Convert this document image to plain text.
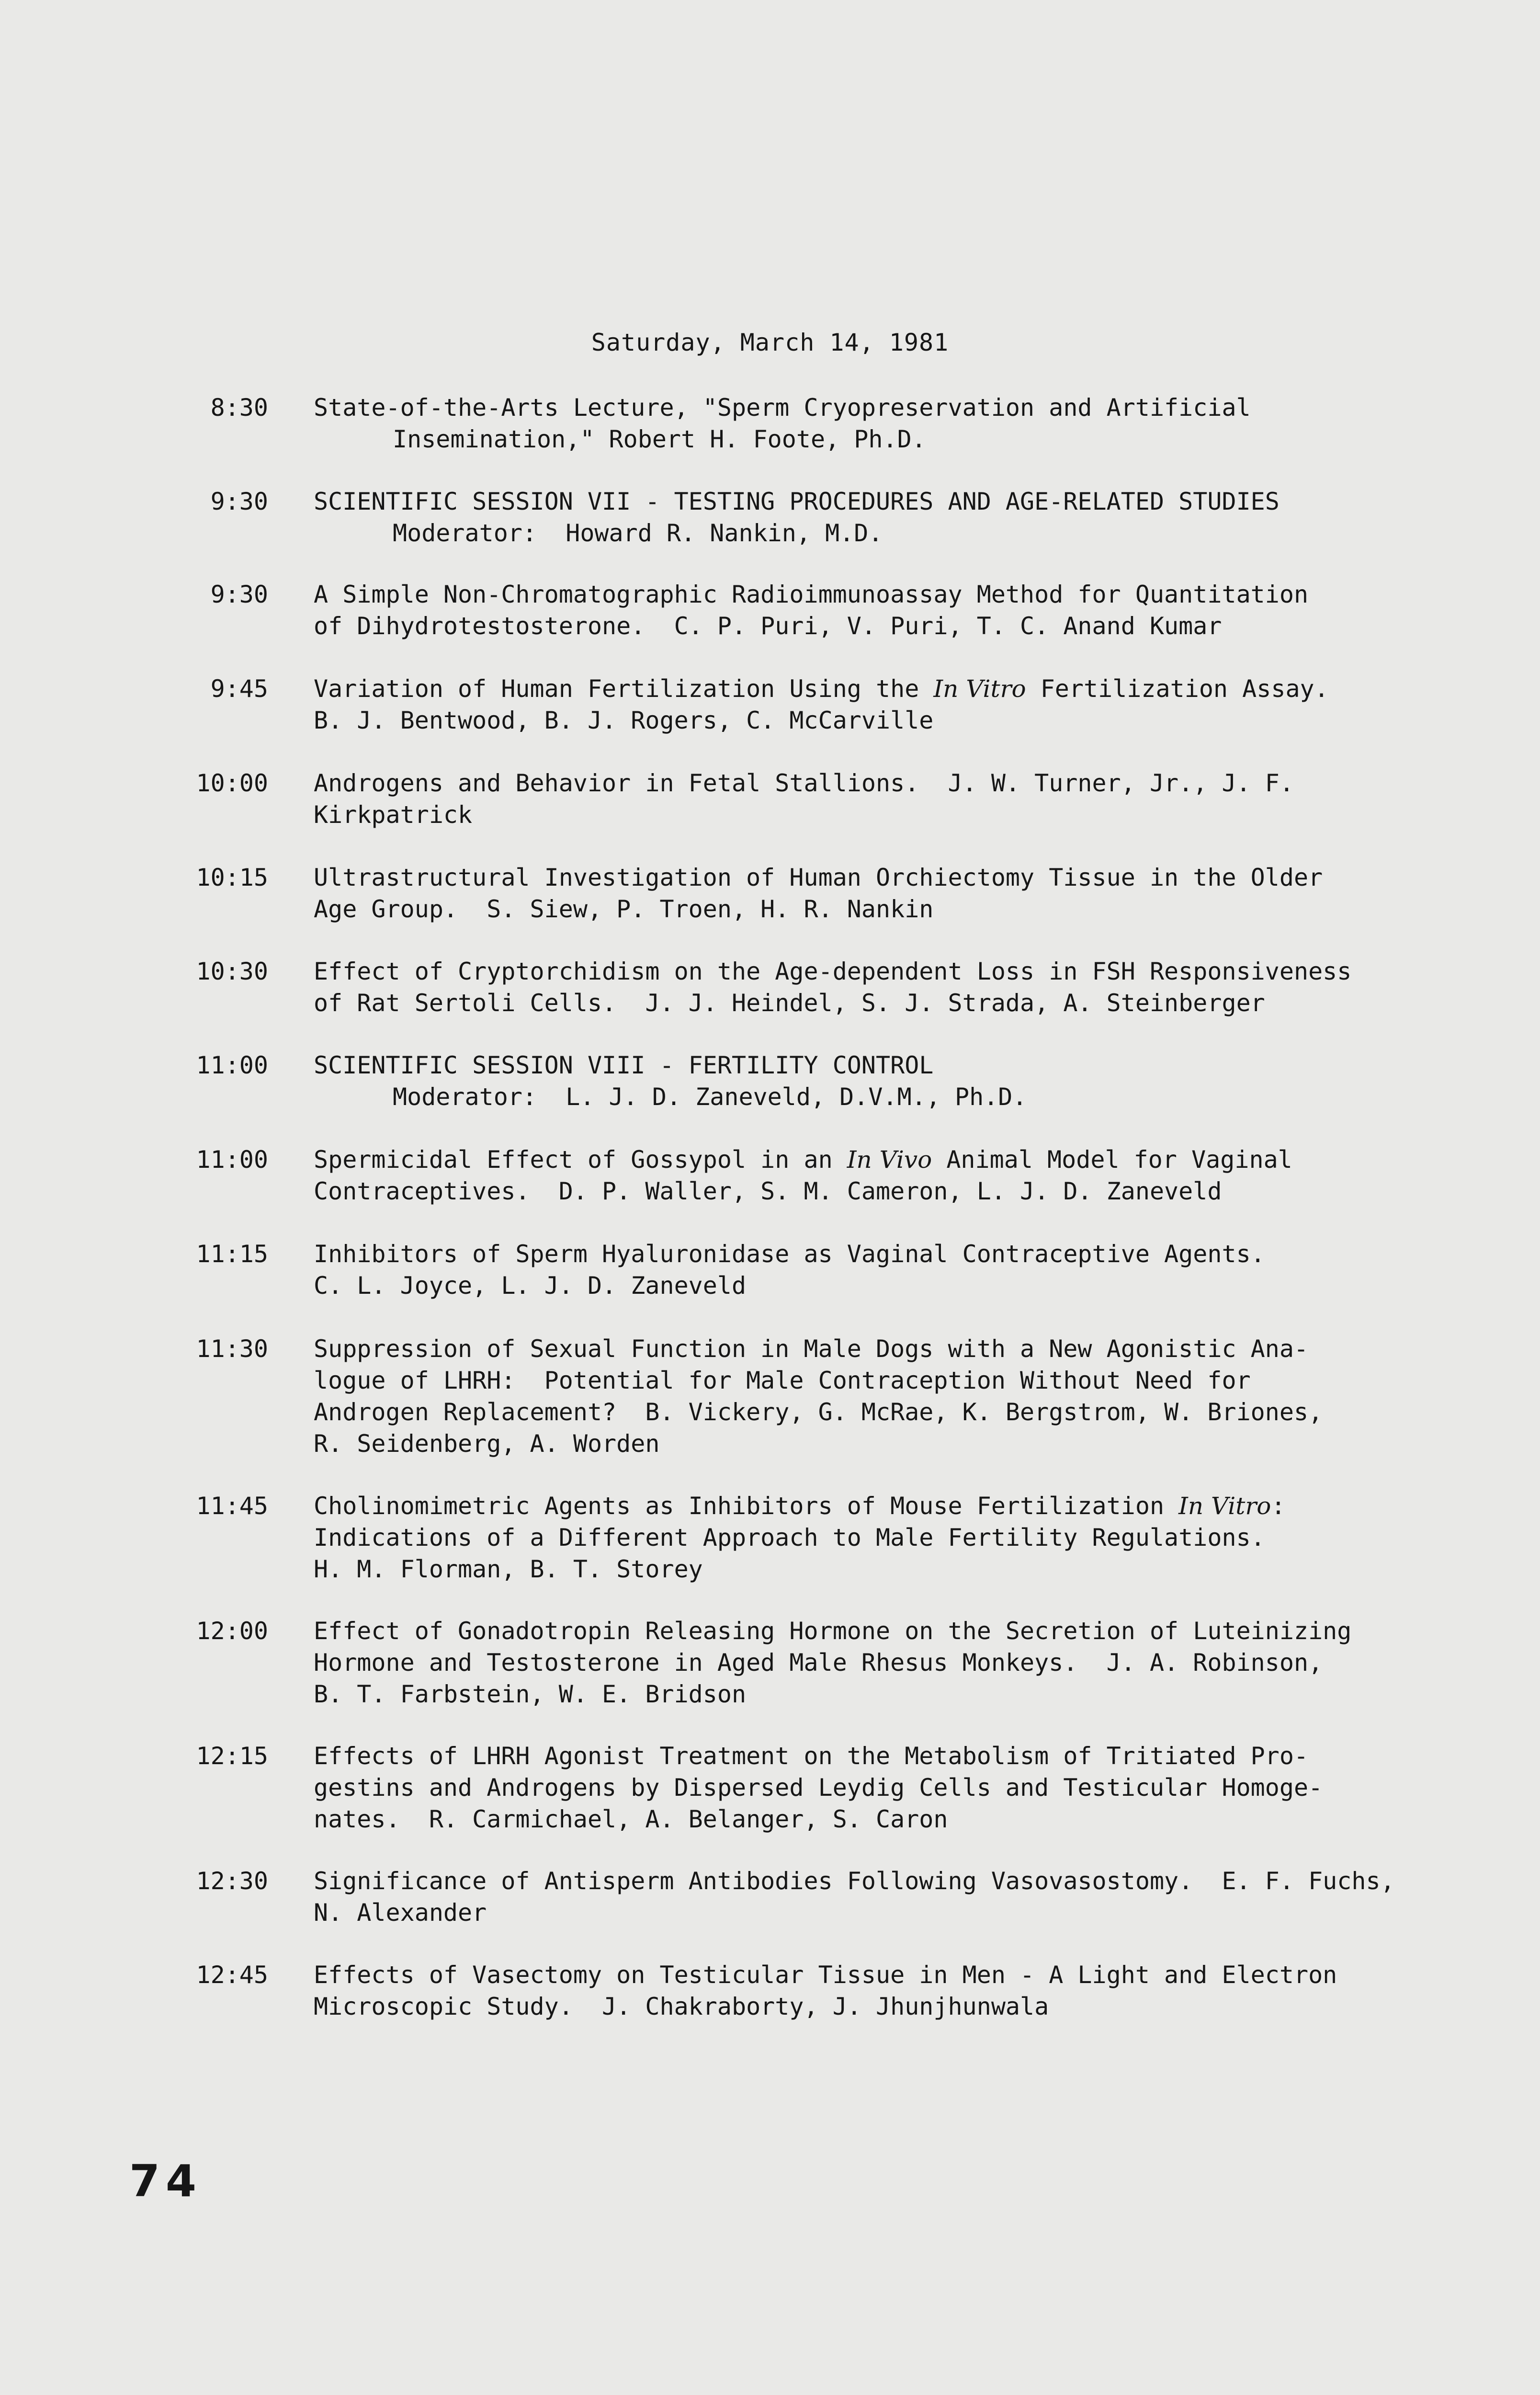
Saturday, March 14, 1981
8:30 State-of-the-Arts Lecture, "Sperm Cryopreservation and Artificial
Insemination," Robert H. Foote, Ph.D.
9:30 SCIENTIFIC SESSION VII - TESTING PROCEDURES AND AGE-RELATED STUDIES
Moderator:  Howard R. Nankin, M.D.
9:30 A Simple Non-Chromatographic Radioimmunoassay Method for Quantitation
of Dihydrotestosterone.  C. P. Puri, V. Puri, T. C. Anand Kumar
9:45 Variation of Human Fertilization Using the In Vitro Fertilization Assay.
B. J. Bentwood, B. J. Rogers, C. McCarville
10:00 Androgens and Behavior in Fetal Stallions.  J. W. Turner, Jr., J. F.
Kirkpatrick
10:15 Ultrastructural Investigation of Human Orchiectomy Tissue in the Older
Age Group.  S. Siew, P. Troen, H. R. Nankin
10:30 Effect of Cryptorchidism on the Age-dependent Loss in FSH Responsiveness
of Rat Sertoli Cells.  J. J. Heindel, S. J. Strada, A. Steinberger
11:00 SCIENTIFIC SESSION VIII - FERTILITY CONTROL
Moderator:  L. J. D. Zaneveld, D.V.M., Ph.D.
11:00 Spermicidal Effect of Gossypol in an In Vivo Animal Model for Vaginal
Contraceptives.  D. P. Waller, S. M. Cameron, L. J. D. Zaneveld
11:15 Inhibitors of Sperm Hyaluronidase as Vaginal Contraceptive Agents.
C. L. Joyce, L. J. D. Zaneveld
11:30 Suppression of Sexual Function in Male Dogs with a New Agonistic Ana-
logue of LHRH:  Potential for Male Contraception Without Need for
Androgen Replacement?  B. Vickery, G. McRae, K. Bergstrom, W. Briones,
R. Seidenberg, A. Worden
11:45 Cholinomimetric Agents as Inhibitors of Mouse Fertilization In Vitro:
Indications of a Different Approach to Male Fertility Regulations.
H. M. Florman, B. T. Storey
12:00 Effect of Gonadotropin Releasing Hormone on the Secretion of Luteinizing
Hormone and Testosterone in Aged Male Rhesus Monkeys.  J. A. Robinson,
B. T. Farbstein, W. E. Bridson
12:15 Effects of LHRH Agonist Treatment on the Metabolism of Tritiated Pro-
gestins and Androgens by Dispersed Leydig Cells and Testicular Homoge-
nates.  R. Carmichael, A. Belanger, S. Caron
12:30 Significance of Antisperm Antibodies Following Vasovasostomy.  E. F. Fuchs,
N. Alexander
12:45 Effects of Vasectomy on Testicular Tissue in Men - A Light and Electron
Microscopic Study.  J. Chakraborty, J. Jhunjhunwala
74
